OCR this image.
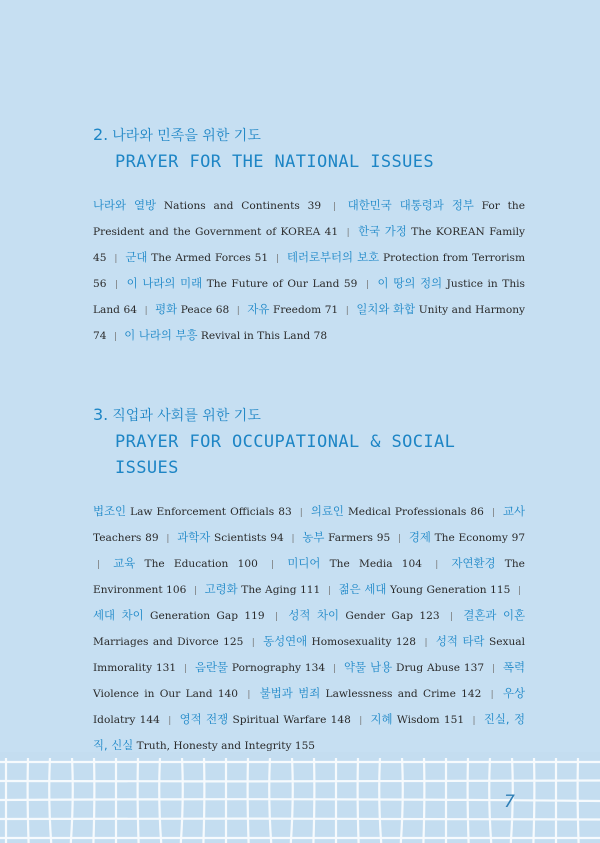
2. 나라와 민족을 위한 기도
PRAYER FOR THE NATIONAL ISSUES
나라와 열방 Nations and Continents 39 | 대한민국 대통령과 정부 For the President and the Government of KOREA 41 | 한국 가정 The KOREAN Family 45 | 군대 The Armed Forces 51 | 테러로부터의 보호 Protection from Terrorism 56 | 이 나라의 미래 The Future of Our Land 59 | 이 땅의 정의 Justice in This Land 64 | 평화 Peace 68 | 자유 Freedom 71 | 일치와 화합 Unity and Harmony 74 | 이 나라의 부흥 Revival in This Land 78
3. 직업과 사회를 위한 기도
PRAYER FOR OCCUPATIONAL & SOCIAL ISSUES
법조인 Law Enforcement Officials 83 | 의료인 Medical Professionals 86 | 교사 Teachers 89 | 과학자 Scientists 94 | 농부 Farmers 95 | 경제 The Economy 97 | 교육 The Education 100 | 미디어 The Media 104 | 자연환경 The Environment 106 | 고령화 The Aging 111 | 젊은 세대 Young Generation 115 | 세대 차이 Generation Gap 119 | 성적 차이 Gender Gap 123 | 결혼과 이혼 Marriages and Divorce 125 | 동성연애 Homosexuality 128 | 성적 타락 Sexual Immorality 131 | 음란물 Pornography 134 | 약물 남용 Drug Abuse 137 | 폭력 Violence in Our Land 140 | 불법과 범죄 Lawlessness and Crime 142 | 우상 Idolatry 144 | 영적 전쟁 Spiritual Warfare 148 | 지혜 Wisdom 151 | 진실, 정직, 신실 Truth, Honesty and Integrity 155
7
